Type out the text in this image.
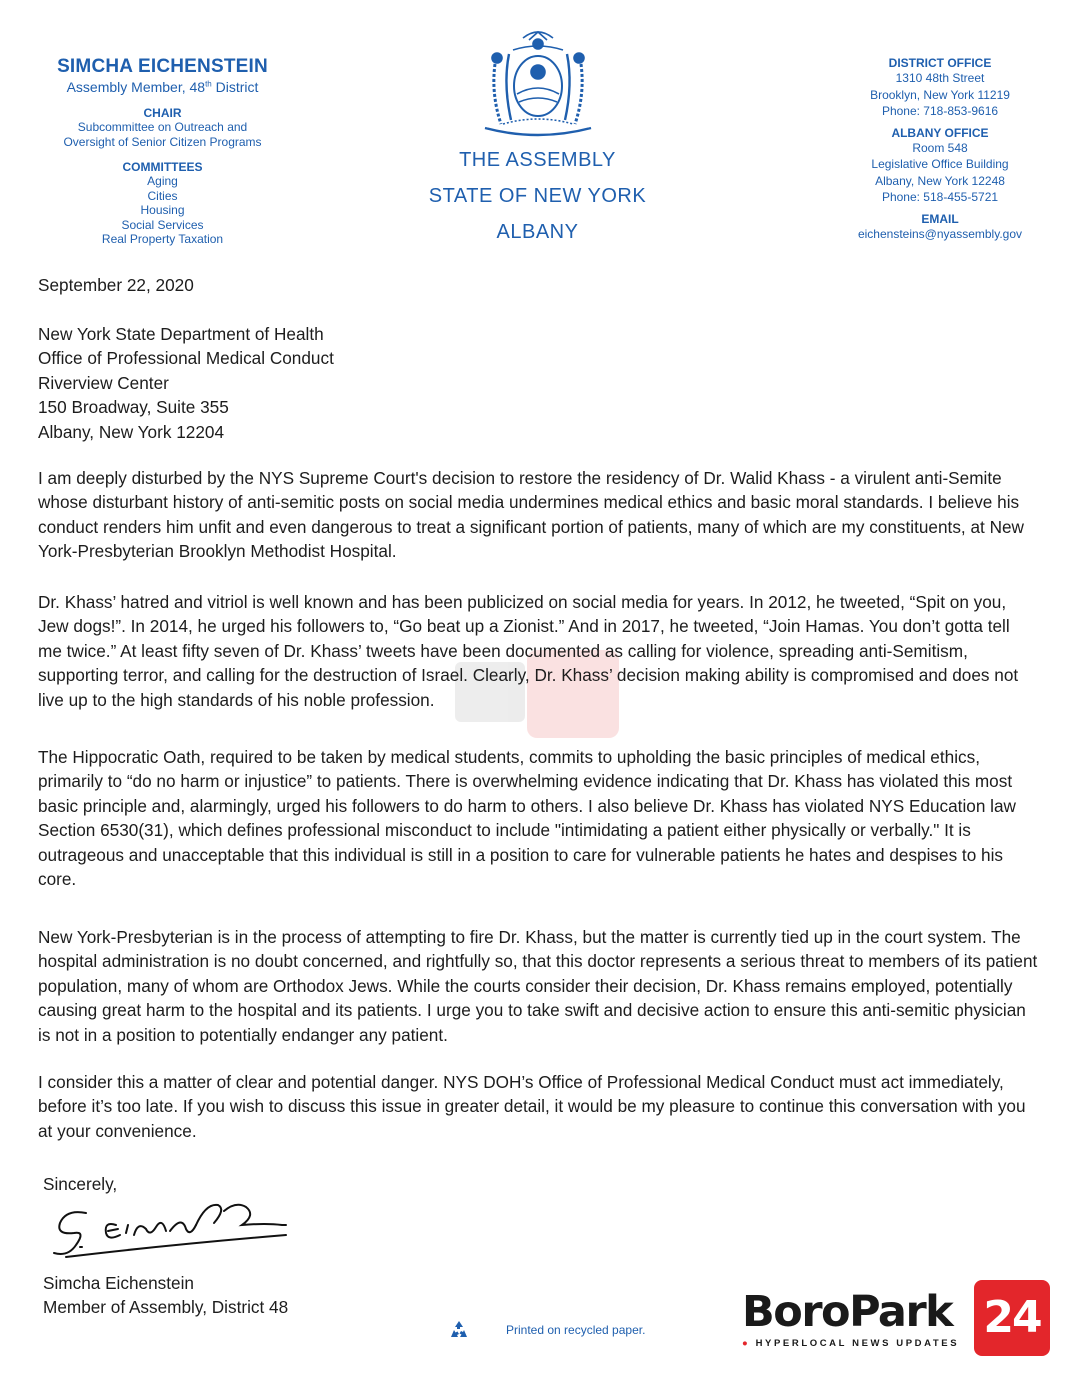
SIMCHA EICHENSTEIN
Assembly Member, 48th District
CHAIR
Subcommittee on Outreach and
Oversight of Senior Citizen Programs
COMMITTEES
Aging
Cities
Housing
Social Services
Real Property Taxation
THE ASSEMBLY
STATE OF NEW YORK
ALBANY
DISTRICT OFFICE
1310 48th Street
Brooklyn, New York 11219
Phone: 718-853-9616
ALBANY OFFICE
Room 548
Legislative Office Building
Albany, New York 12248
Phone: 518-455-5721
EMAIL
eichensteins@nyassembly.gov
September 22, 2020
New York State Department of Health
Office of Professional Medical Conduct
Riverview Center
150 Broadway, Suite 355
Albany, New York 12204
I am deeply disturbed by the NYS Supreme Court's decision to restore the residency of Dr. Walid Khass - a virulent anti-Semite whose disturbant history of anti-semitic posts on social media undermines medical ethics and basic moral standards. I believe his conduct renders him unfit and even dangerous to treat a significant portion of patients, many of which are my constituents, at New York-Presbyterian Brooklyn Methodist Hospital.
Dr. Khass’ hatred and vitriol is well known and has been publicized on social media for years. In 2012, he tweeted, “Spit on you, Jew dogs!”. In 2014, he urged his followers to, “Go beat up a Zionist.” And in 2017, he tweeted, “Join Hamas. You don’t gotta tell me twice.” At least fifty seven of Dr. Khass’ tweets have been documented as calling for violence, spreading anti-Semitism, supporting terror, and calling for the destruction of Israel. Clearly, Dr. Khass’ decision making ability is compromised and does not live up to the high standards of his noble profession.
The Hippocratic Oath, required to be taken by medical students, commits to upholding the basic principles of medical ethics, primarily to “do no harm or injustice” to patients. There is overwhelming evidence indicating that Dr. Khass has violated this most basic principle and, alarmingly, urged his followers to do harm to others. I also believe Dr. Khass has violated NYS Education law Section 6530(31), which defines professional misconduct to include "intimidating a patient either physically or verbally." It is outrageous and unacceptable that this individual is still in a position to care for vulnerable patients he hates and despises to his core.
New York-Presbyterian is in the process of attempting to fire Dr. Khass, but the matter is currently tied up in the court system. The hospital administration is no doubt concerned, and rightfully so, that this doctor represents a serious threat to members of its patient population, many of whom are Orthodox Jews. While the courts consider their decision, Dr. Khass remains employed, potentially causing great harm to the hospital and its patients. I urge you to take swift and decisive action to ensure this anti-semitic physician is not in a position to potentially endanger any patient.
I consider this a matter of clear and potential danger. NYS DOH’s Office of Professional Medical Conduct must act immediately, before it’s too late. If you wish to discuss this issue in greater detail, it would be my pleasure to continue this conversation with you at your convenience.
Sincerely,
Simcha Eichenstein
Member of Assembly, District 48
Printed on recycled paper. BoroPark 24
● HYPERLOCAL NEWS UPDATES
